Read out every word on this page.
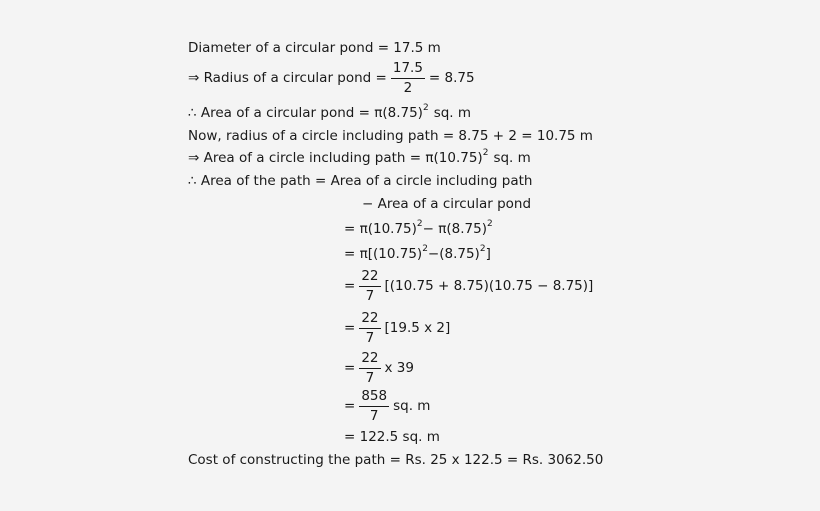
Diameter of a circular pond = 17.5 m
⇒ Radius of a circular pond = $\frac{17.5}{2} = 8.75$
∴ Area of a circular pond = $\pi(8.75)^2$ sq. m
Now, radius of a circle including path = 8.75 + 2 = 10.75 m
⇒ Area of a circle including path = $\pi(10.75)^2$ sq. m
∴ Area of the path = Area of a circle including path
− Area of a circular pond
= $\pi(10.75)^2 - \pi(8.75)^2$
= $\pi[(10.75)^2 -(8.75)^2$ ]
= $\frac{22}{7} [(10.75 + 8.75)(10.75 - 8.75)]$
= $\frac{22}{7} [19.5$ x 2]
= $\frac{22}{7}$ x 39
= $\frac{858}{7}$ sq. m
= 122.5 sq. m
Cost of constructing the path = Rs. 25 x 122.5 = Rs. 3062.50
